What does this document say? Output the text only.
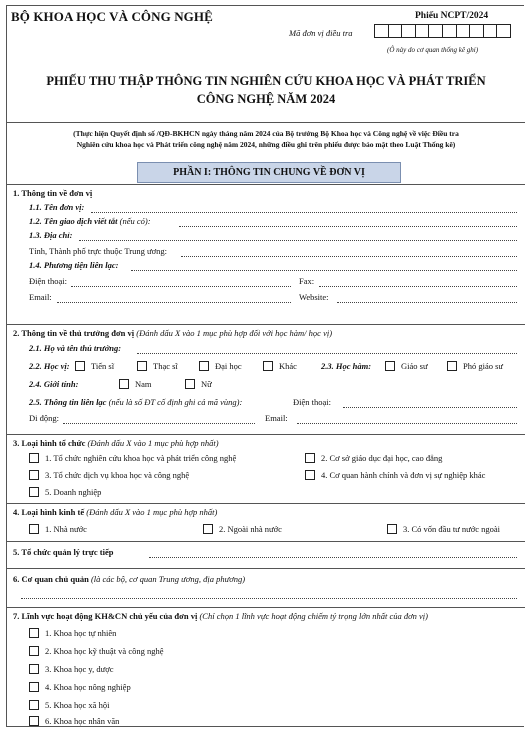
BỘ KHOA HỌC VÀ CÔNG NGHỆ	Phiếu NCPT/2024
Mã đơn vị điều tra
(Ô này do cơ quan thống kê ghi)
PHIẾU THU THẬP THÔNG TIN NGHIÊN CỨU KHOA HỌC VÀ PHÁT TRIỂN
CÔNG NGHỆ NĂM 2024
(Thực hiện Quyết định số /QĐ-BKHCN ngày tháng năm 2024 của Bộ trưởng Bộ Khoa học và Công nghệ về việc Điều tra
Nghiên cứu khoa học và Phát triển công nghệ năm 2024, những điều ghi trên phiếu được bảo mật theo Luật Thống kê)
PHẦN I: THÔNG TIN CHUNG VỀ ĐƠN VỊ
1. Thông tin về đơn vị
1.1. Tên đơn vị:
1.2. Tên giao dịch viết tắt (nếu có):
1.3. Địa chỉ:
Tỉnh, Thành phố trực thuộc Trung ương:
1.4. Phương tiện liên lạc:
Điện thoại:	Fax:
Email:	Website:
2. Thông tin về thủ trưởng đơn vị (Đánh dấu X vào 1 mục phù hợp đối với học hàm/ học vị)
2.1. Họ và tên thủ trưởng:
2.2. Học vị:	Tiến sĩ	Thạc sĩ	Đại học	Khác	2.3. Học hàm:	Giáo sư	Phó giáo sư
2.4. Giới tính:	Nam	Nữ
2.5. Thông tin liên lạc (nếu là số ĐT cố định ghi cả mã vùng):	Điện thoại:
Di động:	Email:
3. Loại hình tổ chức (Đánh dấu X vào 1 mục phù hợp nhất)
1. Tổ chức nghiên cứu khoa học và phát triển công nghệ	2. Cơ sở giáo dục đại học, cao đẳng
3. Tổ chức dịch vụ khoa học và công nghệ	4. Cơ quan hành chính và đơn vị sự nghiệp khác
5. Doanh nghiệp
4. Loại hình kinh tế (Đánh dấu X vào 1 mục phù hợp nhất)
1. Nhà nước	2. Ngoài nhà nước	3. Có vốn đầu tư nước ngoài
5. Tổ chức quản lý trực tiếp
6. Cơ quan chủ quản (là các bộ, cơ quan Trung ương, địa phương)
7. Lĩnh vực hoạt động KH&CN chủ yếu của đơn vị (Chỉ chọn 1 lĩnh vực hoạt động chiếm tỷ trọng lớn nhất của đơn vị)
1. Khoa học tự nhiên
2. Khoa học kỹ thuật và công nghệ
3. Khoa học y, dược
4. Khoa học nông nghiệp
5. Khoa học xã hội
6. Khoa học nhân văn
